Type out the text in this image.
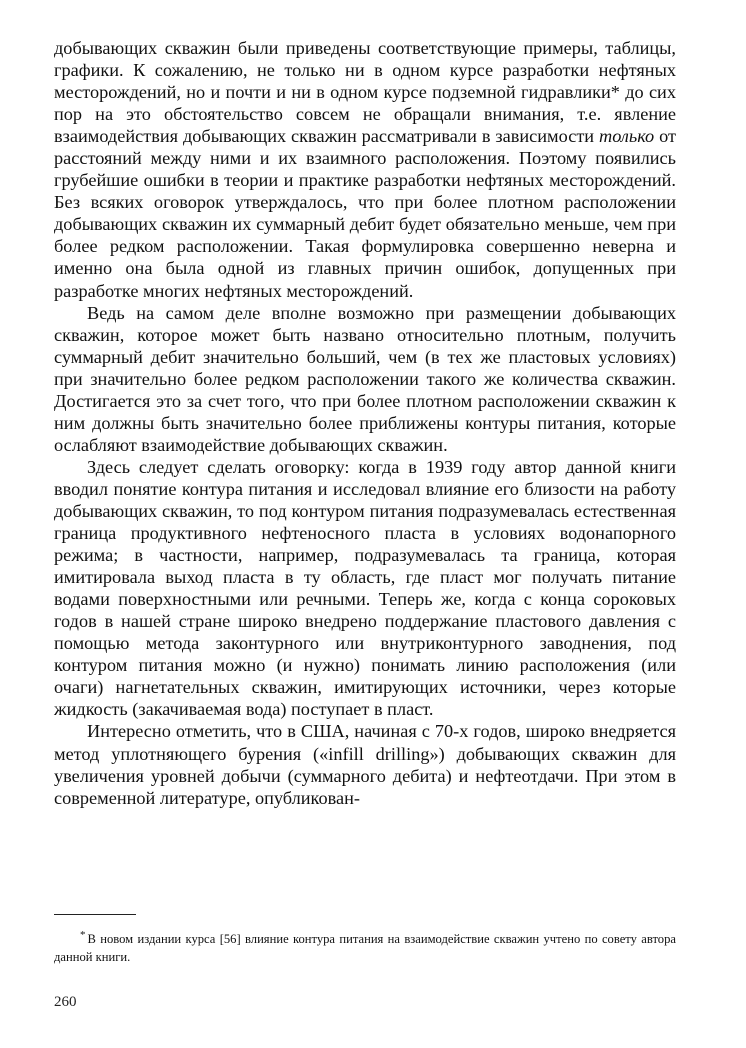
добывающих скважин были приведены соответствующие примеры, таблицы, графики. К сожалению, не только ни в одном курсе разработки нефтяных месторождений, но и почти и ни в одном курсе подземной гидравлики* до сих пор на это обстоятельство совсем не обращали внимания, т.е. явление взаимодействия добывающих скважин рассматривали в зависимости только от расстояний между ними и их взаимного расположения. Поэтому появились грубейшие ошибки в теории и практике разработки нефтяных месторождений. Без всяких оговорок утверждалось, что при более плотном расположении добывающих скважин их суммарный дебит будет обязательно меньше, чем при более редком расположении. Такая формулировка совершенно неверна и именно она была одной из главных причин ошибок, допущенных при разработке многих нефтяных месторождений.

Ведь на самом деле вполне возможно при размещении добывающих скважин, которое может быть названо относительно плотным, получить суммарный дебит значительно больший, чем (в тех же пластовых условиях) при значительно более редком расположении такого же количества скважин. Достигается это за счет того, что при более плотном расположении скважин к ним должны быть значительно более приближены контуры питания, которые ослабляют взаимодействие добывающих скважин.

Здесь следует сделать оговорку: когда в 1939 году автор данной книги вводил понятие контура питания и исследовал влияние его близости на работу добывающих скважин, то под контуром питания подразумевалась естественная граница продуктивного нефтеносного пласта в условиях водонапорного режима; в частности, например, подразумевалась та граница, которая имитировала выход пласта в ту область, где пласт мог получать питание водами поверхностными или речными. Теперь же, когда с конца сороковых годов в нашей стране широко внедрено поддержание пластового давления с помощью метода законтурного или внутриконтурного заводнения, под контуром питания можно (и нужно) понимать линию расположения (или очаги) нагнетательных скважин, имитирующих источники, через которые жидкость (закачиваемая вода) поступает в пласт.

Интересно отметить, что в США, начиная с 70-х годов, широко внедряется метод уплотняющего бурения («infill drilling») добывающих скважин для увеличения уровней добычи (суммарного дебита) и нефтеотдачи. При этом в современной литературе, опубликован-

* В новом издании курса [56] влияние контура питания на взаимодействие скважин учтено по совету автора данной книги.

260
